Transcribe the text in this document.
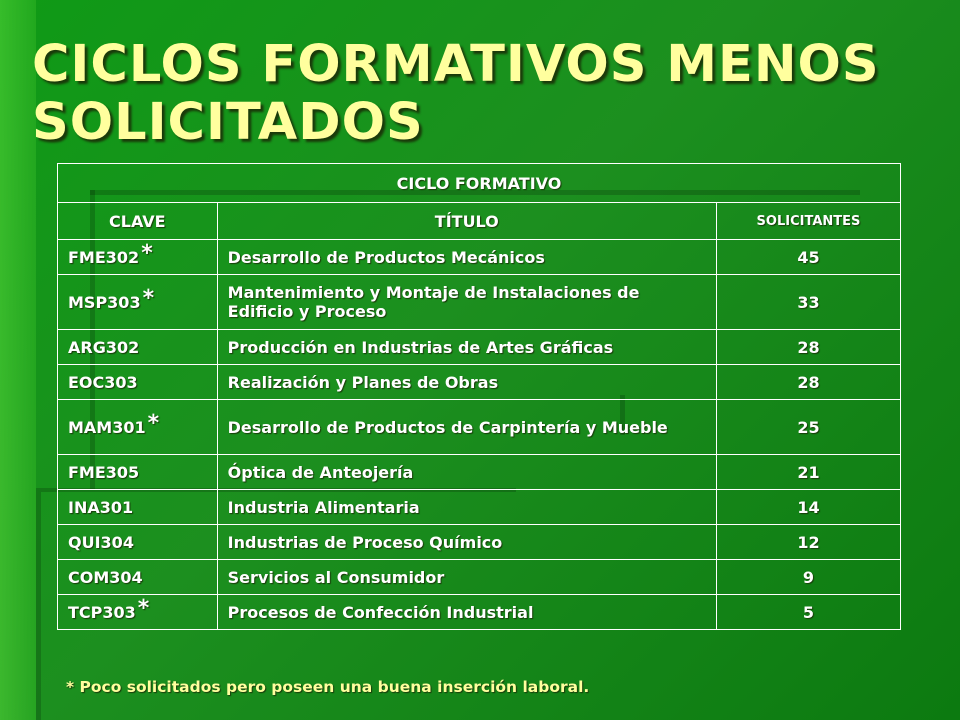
CICLOS FORMATIVOS MENOS SOLICITADOS
CICLO FORMATIVO		
CLAVE	TÍTULO	SOLICITANTES
FME302*	Desarrollo de Productos Mecánicos	45
MSP303*	Mantenimiento y Montaje de Instalaciones de Edificio y Proceso	33
ARG302	Producción en Industrias de Artes Gráficas	28
EOC303	Realización y Planes de Obras	28
MAM301*	Desarrollo de Productos de Carpintería y Mueble	25
FME305	Óptica de Anteojería	21
INA301	Industria Alimentaria	14
QUI304	Industrias de Proceso Químico	12
COM304	Servicios al Consumidor	9
TCP303*	Procesos de Confección Industrial	5

* Poco solicitados pero poseen una buena inserción laboral.
